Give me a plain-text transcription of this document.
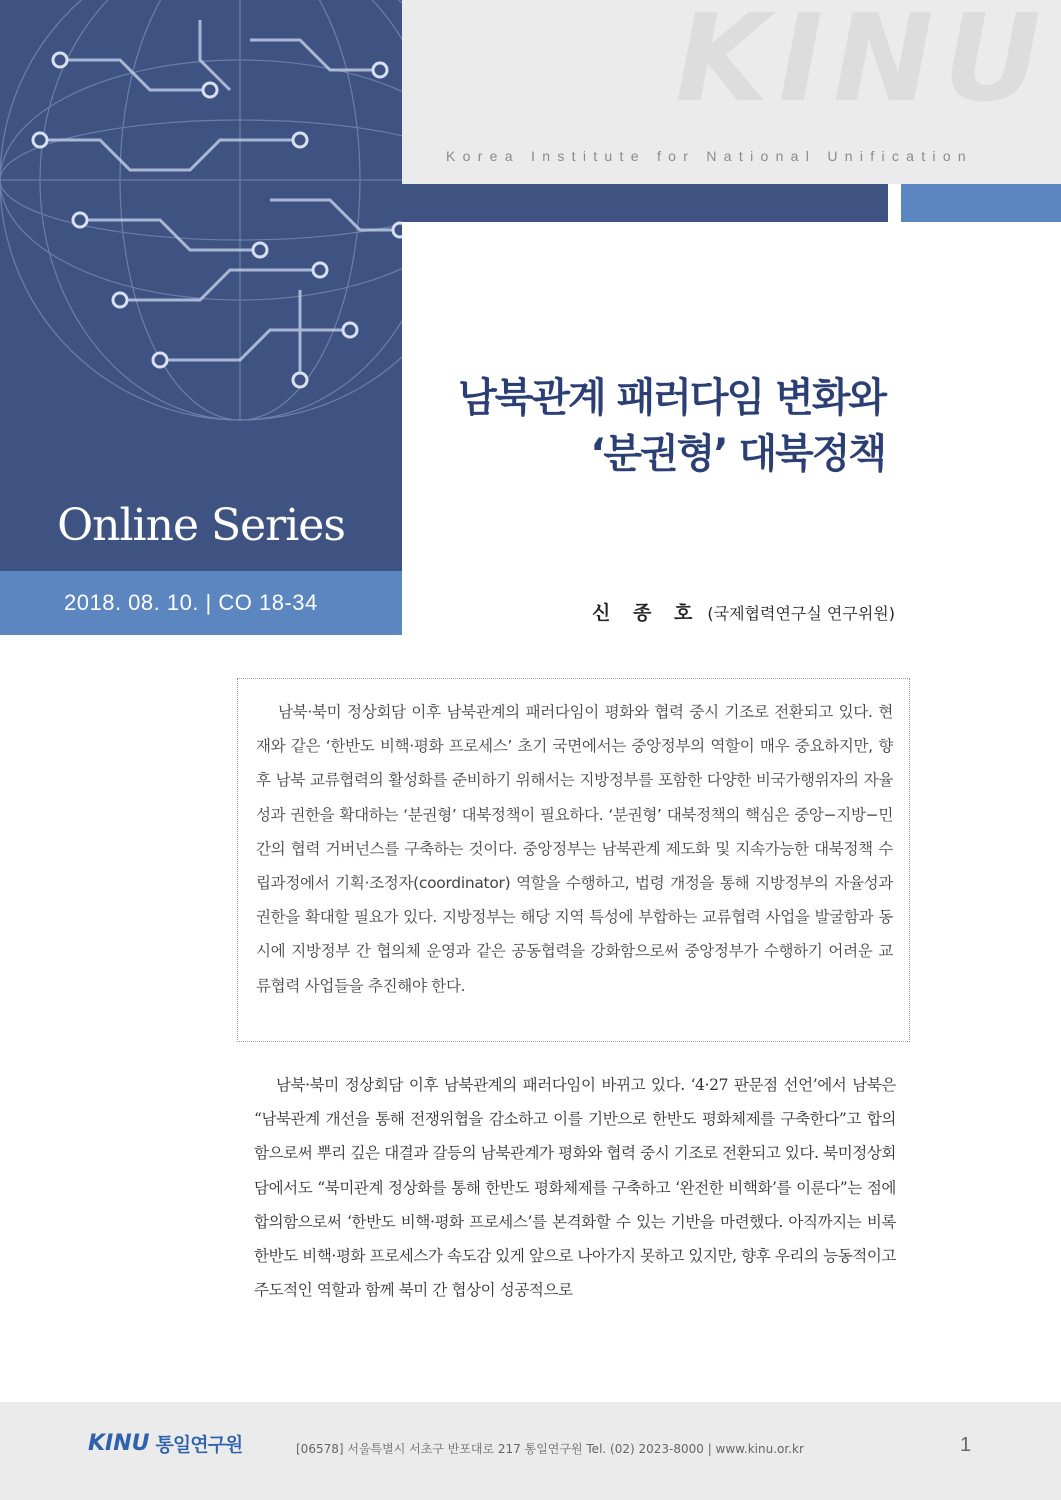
Online Series
2018. 08. 10. | CO 18-34
KINU
Korea Institute for National Unification
남북관계 패러다임 변화와
‘분권형’ 대북정책
신 종 호 (국제협력연구실 연구위원)

남북·북미 정상회담 이후 남북관계의 패러다임이 평화와 협력 중시 기조로 전환되고 있다. 현재와 같은 ‘한반도 비핵·평화 프로세스’ 초기 국면에서는 중앙정부의 역할이 매우 중요하지만, 향후 남북 교류협력의 활성화를 준비하기 위해서는 지방정부를 포함한 다양한 비국가행위자의 자율성과 권한을 확대하는 ‘분권형’ 대북정책이 필요하다. ‘분권형’ 대북정책의 핵심은 중앙−지방−민간의 협력 거버넌스를 구축하는 것이다. 중앙정부는 남북관계 제도화 및 지속가능한 대북정책 수립과정에서 기획·조정자(coordinator) 역할을 수행하고, 법령 개정을 통해 지방정부의 자율성과 권한을 확대할 필요가 있다. 지방정부는 해당 지역 특성에 부합하는 교류협력 사업을 발굴함과 동시에 지방정부 간 협의체 운영과 같은 공동협력을 강화함으로써 중앙정부가 수행하기 어려운 교류협력 사업들을 추진해야 한다.

남북·북미 정상회담 이후 남북관계의 패러다임이 바뀌고 있다. ‘4·27 판문점 선언’에서 남북은 “남북관계 개선을 통해 전쟁위협을 감소하고 이를 기반으로 한반도 평화체제를 구축한다”고 합의함으로써 뿌리 깊은 대결과 갈등의 남북관계가 평화와 협력 중시 기조로 전환되고 있다. 북미정상회담에서도 “북미관계 정상화를 통해 한반도 평화체제를 구축하고 ‘완전한 비핵화’를 이룬다”는 점에 합의함으로써 ‘한반도 비핵·평화 프로세스’를 본격화할 수 있는 기반을 마련했다. 아직까지는 비록 한반도 비핵·평화 프로세스가 속도감 있게 앞으로 나아가지 못하고 있지만, 향후 우리의 능동적이고 주도적인 역할과 함께 북미 간 협상이 성공적으로

KINU 통일연구원	[06578] 서울특별시 서초구 반포대로 217 통일연구원 Tel. (02) 2023-8000 | www.kinu.or.kr	1
